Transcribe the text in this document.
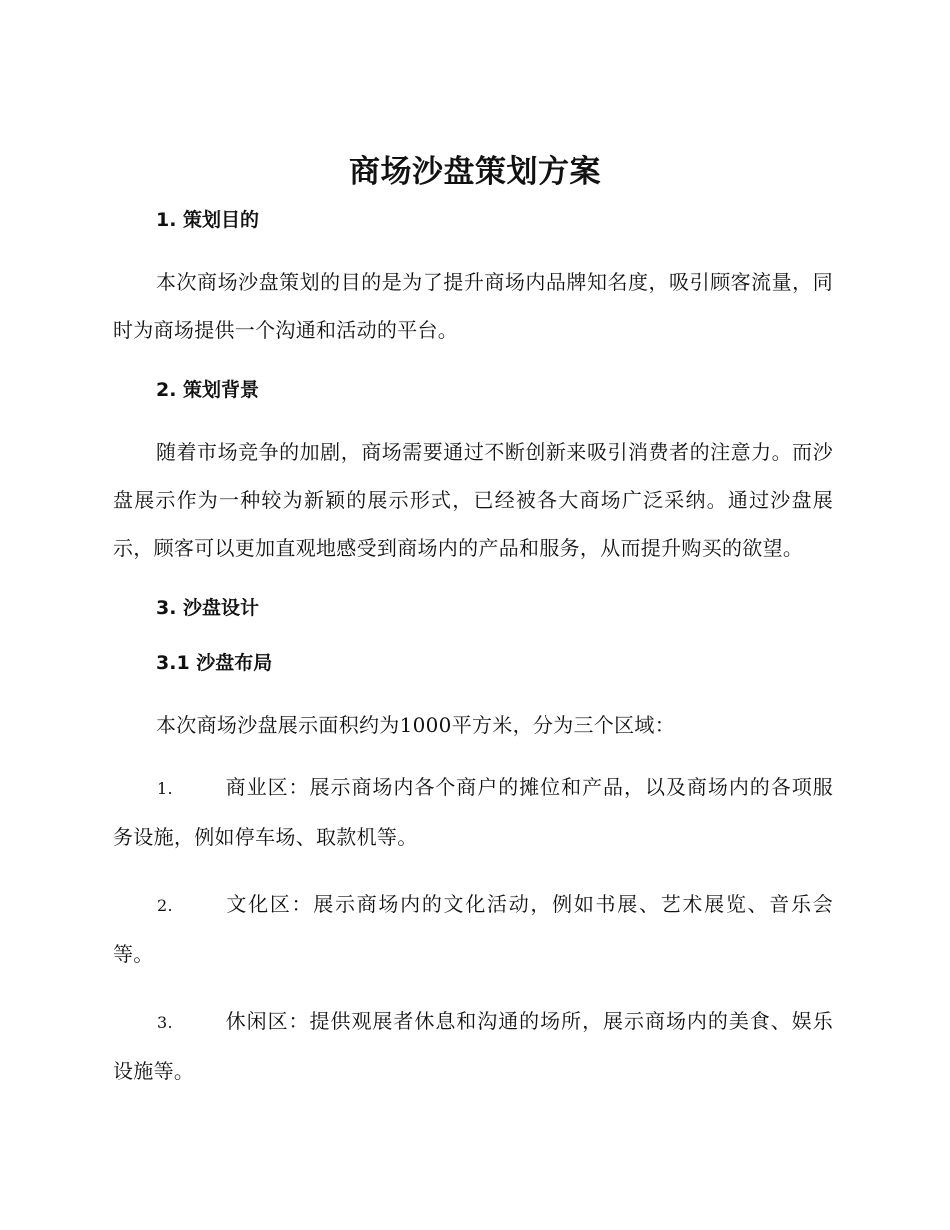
商场沙盘策划方案

1. 策划目的

本次商场沙盘策划的目的是为了提升商场内品牌知名度，吸引顾客流量，同时为商场提供一个沟通和活动的平台。

2. 策划背景

随着市场竞争的加剧，商场需要通过不断创新来吸引消费者的注意力。而沙盘展示作为一种较为新颖的展示形式，已经被各大商场广泛采纳。通过沙盘展示，顾客可以更加直观地感受到商场内的产品和服务，从而提升购买的欲望。

3. 沙盘设计

3.1 沙盘布局

本次商场沙盘展示面积约为1000平方米，分为三个区域：

1.	商业区：展示商场内各个商户的摊位和产品，以及商场内的各项服务设施，例如停车场、取款机等。

2.	文化区：展示商场内的文化活动，例如书展、艺术展览、音乐会等。

3.	休闲区：提供观展者休息和沟通的场所，展示商场内的美食、娱乐设施等。
